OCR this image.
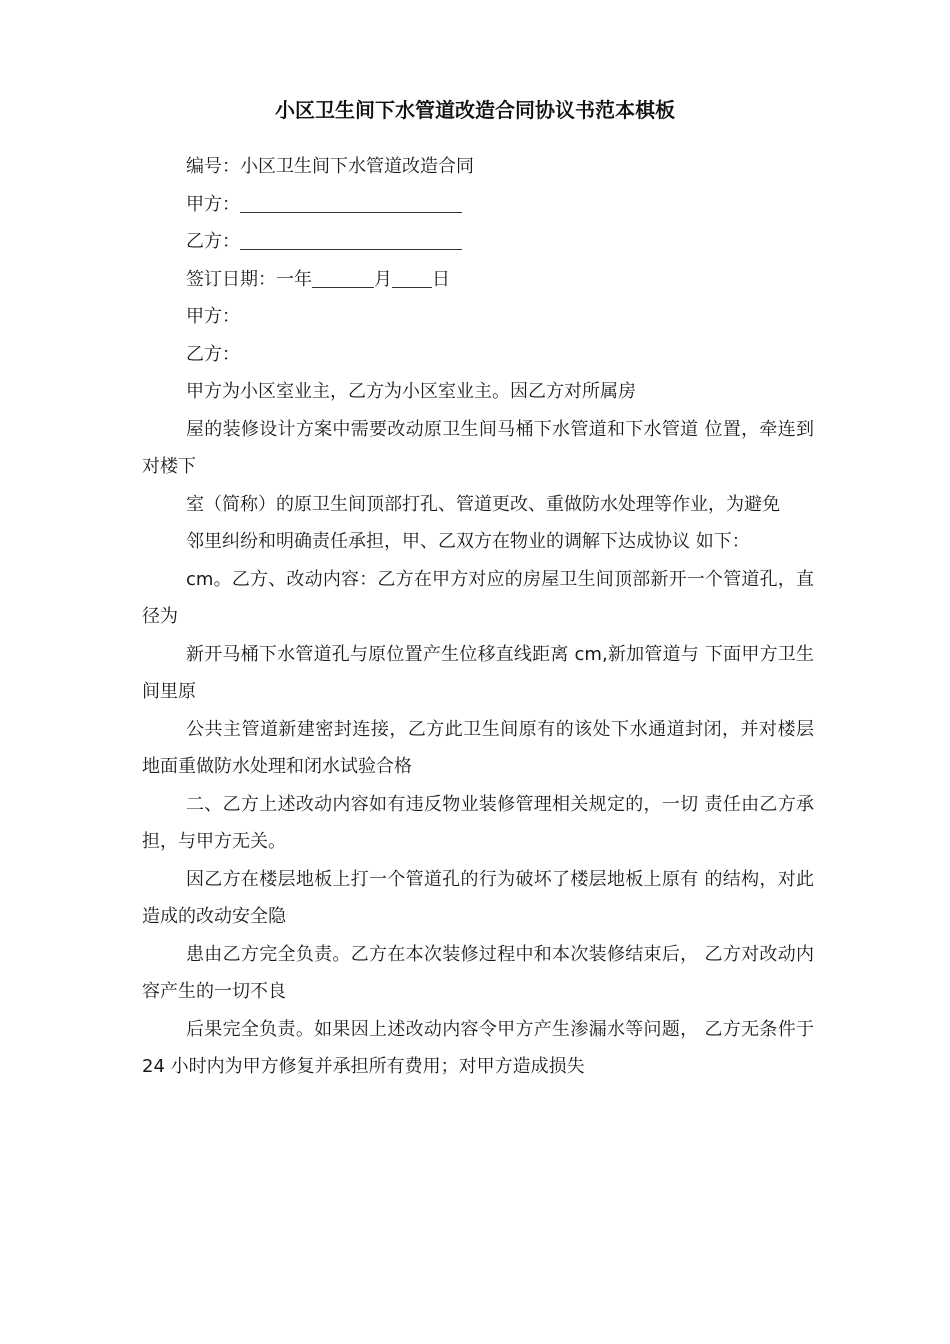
小区卫生间下水管道改造合同协议书范本棋板
编号：小区卫生间下水管道改造合同
甲方：
乙方：
签订日期：一年	月 日
甲方：
乙方：

甲方为小区室业主，乙方为小区室业主。因乙方对所属房

屋的装修设计方案中需要改动原卫生间马桶下水管道和下水管道 位置，牵连到对楼下

室（简称）的原卫生间顶部打孔、管道更改、重做防水处理等作业，为避免

邻里纠纷和明确责任承担，甲、乙双方在物业的调解下达成协议 如下：

cm。乙方、改动内容：乙方在甲方对应的房屋卫生间顶部新开一个管道孔，直径为

新开马桶下水管道孔与原位置产生位移直线距离 cm,新加管道与 下面甲方卫生间里原

公共主管道新建密封连接，乙方此卫生间原有的该处下水通道封闭，并对楼层地面重做防水处理和闭水试验合格

二、乙方上述改动内容如有违反物业装修管理相关规定的，一切 责任由乙方承担，与甲方无关。

因乙方在楼层地板上打一个管道孔的行为破坏了楼层地板上原有 的结构，对此造成的改动安全隐

患由乙方完全负责。乙方在本次装修过程中和本次装修结束后， 乙方对改动内容产生的一切不良

后果完全负责。如果因上述改动内容令甲方产生渗漏水等问题， 乙方无条件于 24 小时内为甲方修复并承担所有费用；对甲方造成损失
